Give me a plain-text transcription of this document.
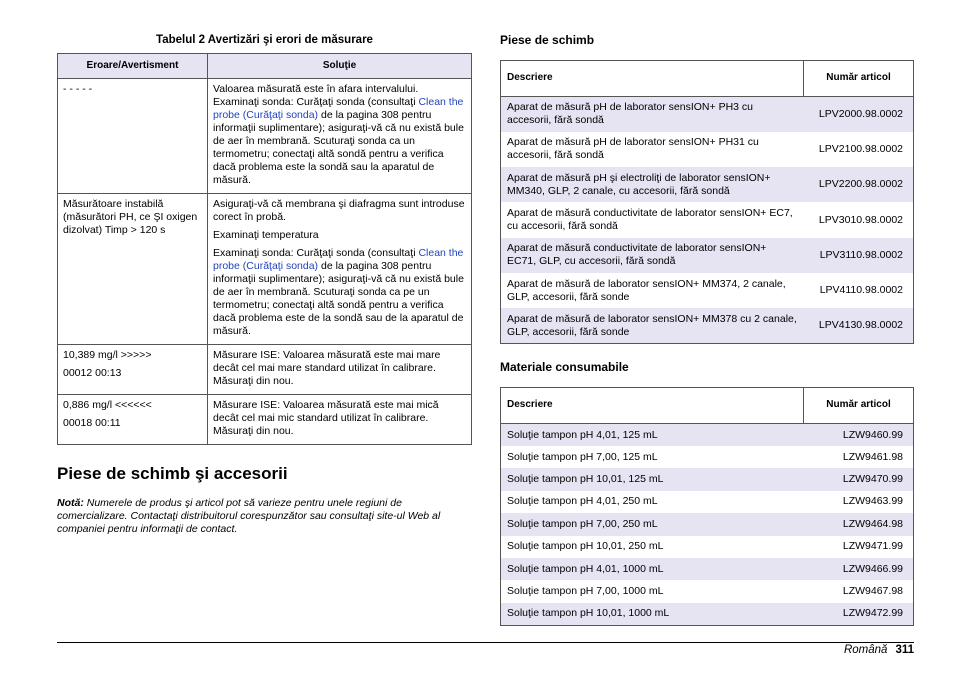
Tabelul 2 Avertizări şi erori de măsurare
Eroare/Avertisment	Soluţie

- - - - -	Valoarea măsurată este în afara intervalului. Examinaţi sonda: Curăţaţi sonda (consultaţi Clean the probe (Curăţaţi sonda) de la pagina 308 pentru informaţii suplimentare); asiguraţi-vă că nu există bule de aer în membrană. Scuturaţi sonda ca un termometru; conectaţi altă sondă pentru a verifica dacă problema este la sondă sau la aparatul de măsură.

Măsurătoare instabilă (măsurători PH, ce ŞI oxigen dizolvat) Timp > 120 s	Asiguraţi-vă că membrana şi diafragma sunt introduse corect în probă.

Examinaţi temperatura

Examinaţi sonda: Curăţaţi sonda (consultaţi Clean the probe (Curăţaţi sonda) de la pagina 308 pentru informaţii suplimentare); asiguraţi-vă că nu există bule de aer în membrană. Scuturaţi sonda ca pe un termometru; conectaţi altă sondă pentru a verifica dacă problema este de la sondă sau de la aparatul de măsură.

10,389 mg/l >>>>>

00012 00:13	Măsurare ISE: Valoarea măsurată este mai mare decât cel mai mare standard utilizat în calibrare. Măsuraţi din nou.

0,886 mg/l <<<<<<

00018 00:11	Măsurare ISE: Valoarea măsurată este mai mică decât cel mai mic standard utilizat în calibrare. Măsuraţi din nou.

Piese de schimb şi accesorii

Notă: Numerele de produs şi articol pot să varieze pentru unele regiuni de comercializare. Contactaţi distribuitorul corespunzător sau consultaţi site-ul Web al companiei pentru informaţii de contact.

Piese de schimb
Descriere	Număr articol
Aparat de măsură pH de laborator sensION+ PH3 cu accesorii, fără sondă	LPV2000.98.0002
Aparat de măsură pH de laborator sensION+ PH31 cu accesorii, fără sondă	LPV2100.98.0002
Aparat de măsură pH şi electroliţi de laborator sensION+ MM340, GLP, 2 canale, cu accesorii, fără sondă	LPV2200.98.0002
Aparat de măsură conductivitate de laborator sensION+ EC7, cu accesorii, fără sondă	LPV3010.98.0002
Aparat de măsură conductivitate de laborator sensION+ EC71, GLP, cu accesorii, fără sondă	LPV3110.98.0002
Aparat de măsură de laborator sensION+ MM374, 2 canale, GLP, accesorii, fără sonde	LPV4110.98.0002
Aparat de măsură de laborator sensION+ MM378 cu 2 canale, GLP, accesorii, fără sonde	LPV4130.98.0002
Materiale consumabile
Descriere	Număr articol
Soluţie tampon pH 4,01, 125 mL	LZW9460.99
Soluţie tampon pH 7,00, 125 mL	LZW9461.98
Soluţie tampon pH 10,01, 125 mL	LZW9470.99
Soluţie tampon pH 4,01, 250 mL	LZW9463.99
Soluţie tampon pH 7,00, 250 mL	LZW9464.98
Soluţie tampon pH 10,01, 250 mL	LZW9471.99
Soluţie tampon pH 4,01, 1000 mL	LZW9466.99
Soluţie tampon pH 7,00, 1000 mL	LZW9467.98
Soluţie tampon pH 10,01, 1000 mL	LZW9472.99
Română 311
